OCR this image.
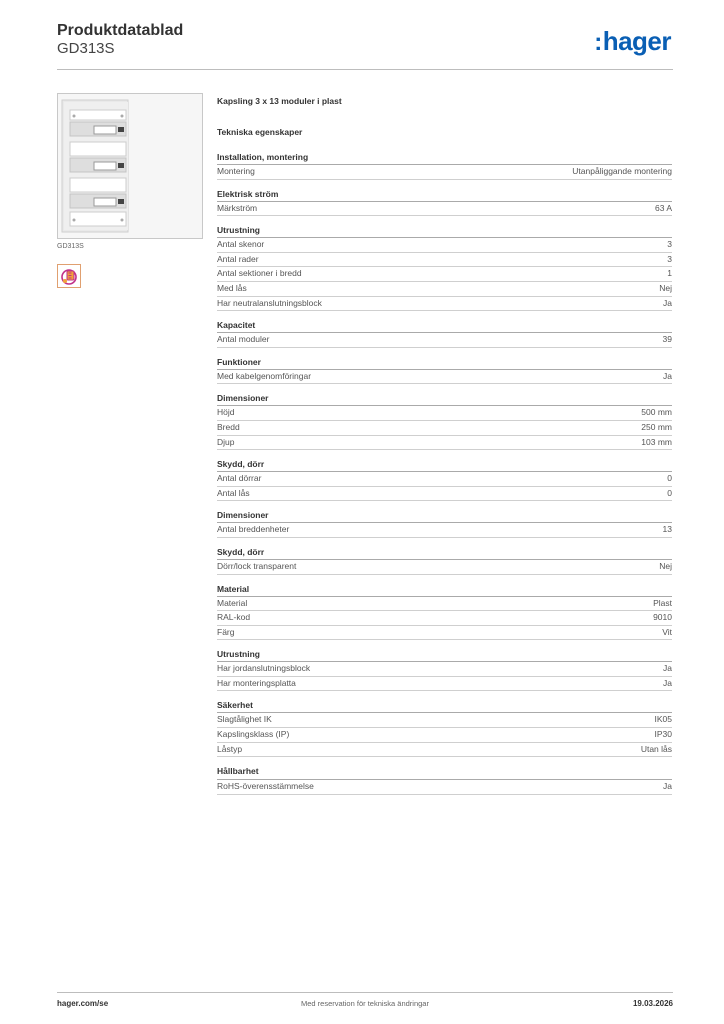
Produktdatablad
GD313S	:hager
GD313S
Kapsling 3 x 13 moduler i plast
Tekniska egenskaper
Installation, montering
Montering	Utanpåliggande montering
Elektrisk ström
Märkström	63 A
Utrustning
Antal skenor	3
Antal rader	3
Antal sektioner i bredd	1
Med lås	Nej
Har neutralanslutningsblock	Ja
Kapacitet
Antal moduler	39
Funktioner
Med kabelgenomföringar	Ja
Dimensioner
Höjd	500 mm
Bredd	250 mm
Djup	103 mm
Skydd, dörr
Antal dörrar	0
Antal lås	0
Dimensioner
Antal breddenheter	13
Skydd, dörr
Dörr/lock transparent	Nej
Material
Material	Plast
RAL-kod	9010
Färg	Vit
Utrustning
Har jordanslutningsblock	Ja
Har monteringsplatta	Ja
Säkerhet
Slagtålighet IK	IK05
Kapslingsklass (IP)	IP30
Låstyp	Utan lås
Hållbarhet
RoHS-överensstämmelse	Ja
hager.com/se	Med reservation för tekniska ändringar	19.03.2026
